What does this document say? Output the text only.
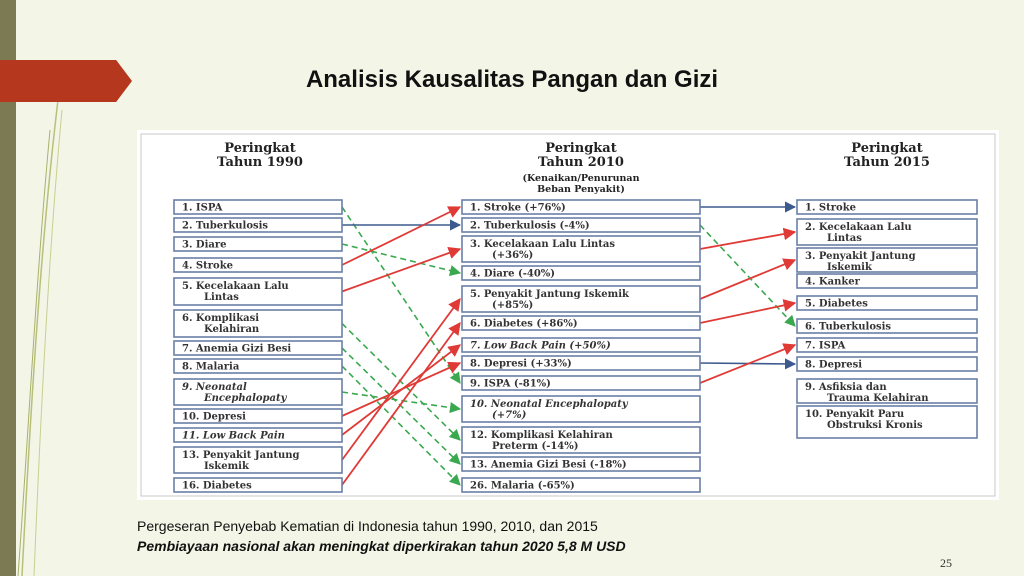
Analisis Kausalitas Pangan dan Gizi
Peringkat
Tahun 1990
1. ISPA
2. Tuberkulosis
3. Diare
4. Stroke
5. Kecelakaan Lalu
Lintas
6. Komplikasi
Kelahiran
7. Anemia Gizi Besi
8. Malaria
9. Neonatal
Encephalopaty
10. Depresi
11. Low Back Pain
13. Penyakit Jantung
Iskemik
16. Diabetes
Peringkat
Tahun 2010
(Kenaikan/Penurunan
Beban Penyakit)
1. Stroke (+76%)
2. Tuberkulosis (-4%)
3. Kecelakaan Lalu Lintas
(+36%)
4. Diare (-40%)
5. Penyakit Jantung Iskemik
(+85%)
6. Diabetes (+86%)
7. Low Back Pain (+50%)
8. Depresi (+33%)
9. ISPA (-81%)
10. Neonatal Encephalopaty
(+7%)
12. Komplikasi Kelahiran
Preterm (-14%)
13. Anemia Gizi Besi (-18%)
26. Malaria (-65%)
Peringkat
Tahun 2015
1. Stroke
2. Kecelakaan Lalu
Lintas
3. Penyakit Jantung
Iskemik
4. Kanker
5. Diabetes
6. Tuberkulosis
7. ISPA
8. Depresi
9. Asfiksia dan
Trauma Kelahiran
10. Penyakit Paru
Obstruksi Kronis
Pergeseran Penyebab Kematian di Indonesia tahun 1990, 2010, dan 2015
Pembiayaan nasional akan meningkat diperkirakan tahun 2020 5,8 M USD
25
